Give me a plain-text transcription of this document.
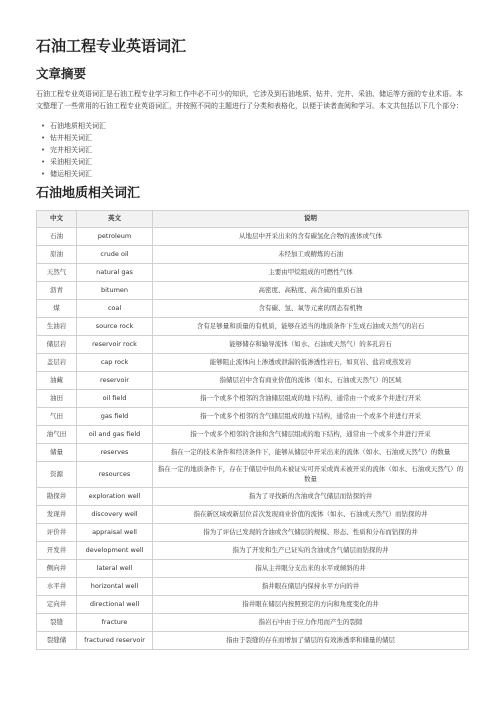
石油工程专业英语词汇
文章摘要

石油工程专业英语词汇是石油工程专业学习和工作中必不可少的知识，它涉及到石油地质、钻井、完井、采油、储运等方面的专业术语。本文整理了一些常用的石油工程专业英语词汇，并按照不同的主题进行了分类和表格化，以便于读者查阅和学习。本文共包括以下几个部分：

• 石油地质相关词汇
• 钻井相关词汇
• 完井相关词汇
• 采油相关词汇
• 储运相关词汇
石油地质相关词汇
中文	英文	说明
石油	petroleum	从地层中开采出来的含有碳氢化合物的液体或气体
原油	crude oil	未经加工或精炼的石油
天然气	natural gas	主要由甲烷组成的可燃性气体
沥青	bitumen	高密度、高粘度、高含硫的重质石油
煤	coal	含有碳、氢、氧等元素的固态有机物
生油岩	source rock	含有足够量和质量的有机质，能够在适当的地质条件下生成石油或天然气的岩石
储层岩	reservoir rock	能够储存和输导流体（如水、石油或天然气）的多孔岩石
盖层岩	cap rock	能够阻止流体向上渗透或泄漏的低渗透性岩石，如页岩、盐岩或蒸发岩
油藏	reservoir	指储层岩中含有商业价值的流体（如水、石油或天然气）的区域
油田	oil field	指一个或多个相邻的含油储层组成的地下结构，通常由一个或多个井进行开采
气田	gas field	指一个或多个相邻的含气储层组成的地下结构，通常由一个或多个井进行开采
油气田	oil and gas field	指一个或多个相邻的含油和含气储层组成的地下结构，通常由一个或多个井进行开采
储量	reserves	指在一定的技术条件和经济条件下，能够从储层中开采出来的流体（如水、石油或天然气）的数量
资源	resources	指在一定的地质条件下，存在于储层中但尚未被证实可开采或尚未被开采的流体（如水、石油或天然气）的数量
勘探井	exploration well	指为了寻找新的含油或含气储层而钻探的井
发现井	discovery well	指在新区域或新层位首次发现商业价值的流体（如水、石油或天然气）而钻探的井
评价井	appraisal well	指为了评估已发现的含油或含气储层的规模、形态、性质和分布而钻探的井
开发井	development well	指为了开发和生产已证实的含油或含气储层而钻探的井
侧向井	lateral well	指从主井眼分支出来的水平或倾斜的井
水平井	horizontal well	指井眼在储层内保持水平方向的井
定向井	directional well	指井眼在储层内按照预定的方向和角度变化的井
裂缝	fracture	指岩石中由于应力作用而产生的裂隙
裂缝储	fractured reservoir	指由于裂缝的存在而增加了储层的有效渗透率和储量的储层
